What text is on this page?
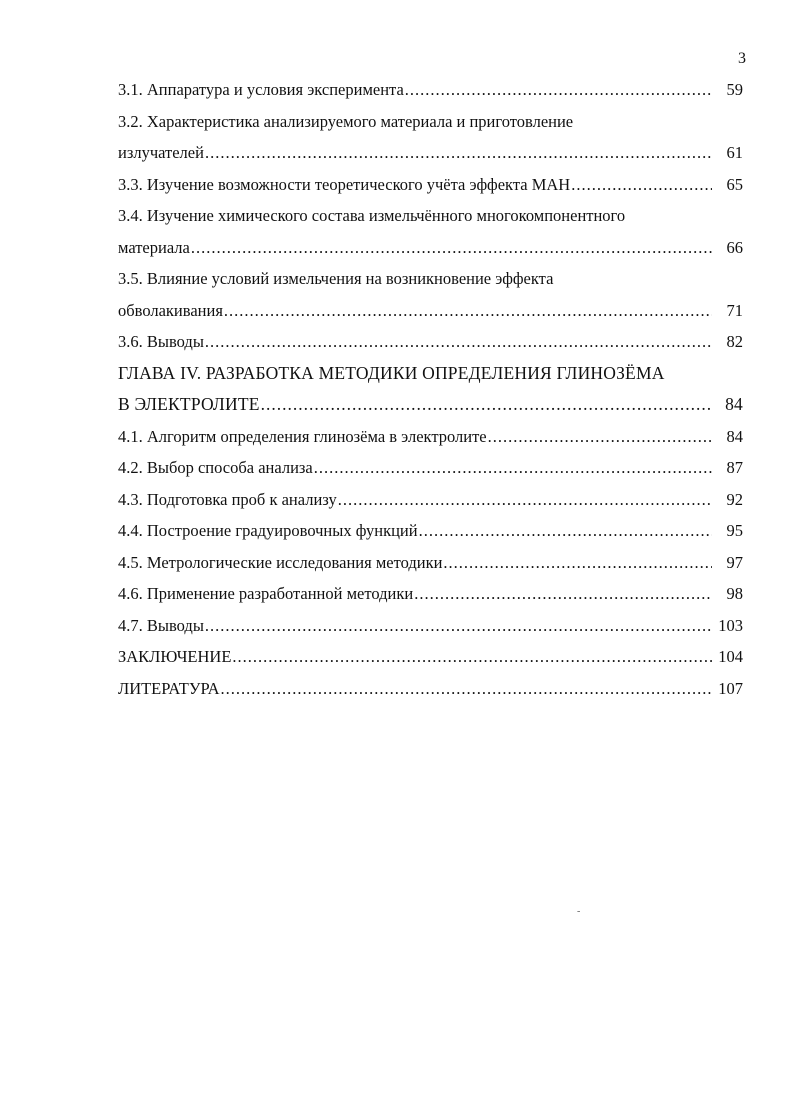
3
3.1. Аппаратура и условия эксперимента .....	59
3.2. Характеристика анализируемого материала и приготовление
излучателей .....	61
3.3. Изучение возможности теоретического учёта эффекта МАН .....	65
3.4. Изучение химического состава измельчённого многокомпонентного
материала .....	66
3.5. Влияние условий измельчения на возникновение эффекта
обволакивания .....	71
3.6. Выводы .....	82
ГЛАВА IV. РАЗРАБОТКА МЕТОДИКИ ОПРЕДЕЛЕНИЯ ГЛИНОЗЁМА
В ЭЛЕКТРОЛИТЕ .....	84
4.1. Алгоритм определения глинозёма в электролите .....	84
4.2. Выбор способа анализа .....	87
4.3. Подготовка проб к анализу .....	92
4.4. Построение градуировочных функций .....	95
4.5. Метрологические исследования методики .....	97
4.6. Применение разработанной методики .....	98
4.7. Выводы .....	103
ЗАКЛЮЧЕНИЕ .....	104
ЛИТЕРАТУРА .....	107
-
